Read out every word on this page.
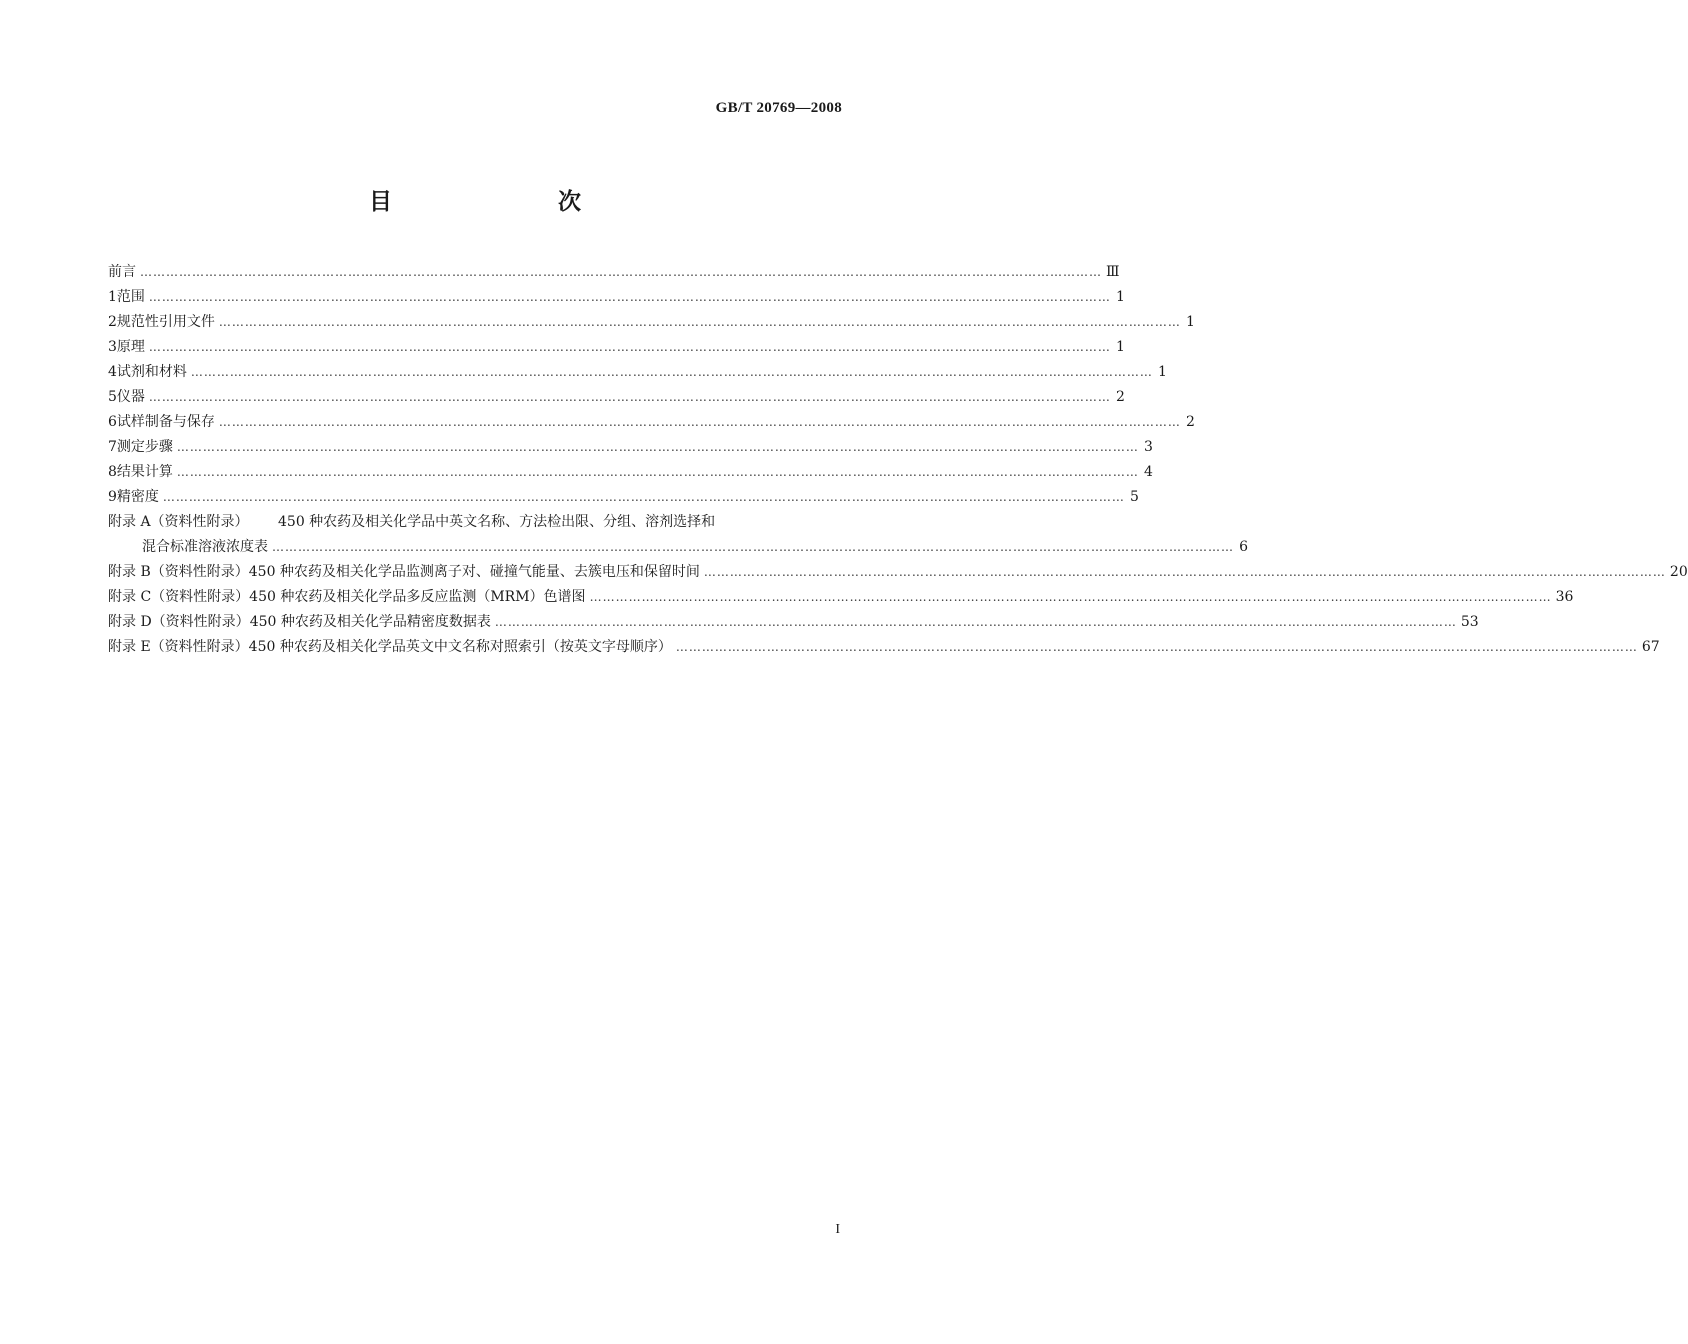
GB/T 20769—2008
目　　次
前言 …………………………………………………………………………………………………………………………………………………………………………………………………… Ⅲ
1 范围 …………………………………………………………………………………………………………………………………………………………………………………………………… 1
2 规范性引用文件 …………………………………………………………………………………………………………………………………………………………………………………………………… 1
3 原理 …………………………………………………………………………………………………………………………………………………………………………………………………… 1
4 试剂和材料 …………………………………………………………………………………………………………………………………………………………………………………………………… 1
5 仪器 …………………………………………………………………………………………………………………………………………………………………………………………………… 2
6 试样制备与保存 …………………………………………………………………………………………………………………………………………………………………………………………………… 2
7 测定步骤 …………………………………………………………………………………………………………………………………………………………………………………………………… 3
8 结果计算 …………………………………………………………………………………………………………………………………………………………………………………………………… 4
9 精密度 …………………………………………………………………………………………………………………………………………………………………………………………………… 5
附录 A（资料性附录）	450 种农药及相关化学品中英文名称、方法检出限、分组、溶剂选择和
混合标准溶液浓度表 …………………………………………………………………………………………………………………………………………………………………………………………………… 6
附录 B（资料性附录） 450 种农药及相关化学品监测离子对、碰撞气能量、去簇电压和保留时间 …………………………………………………………………………………………………………………………………………………………………………………………………… 20
附录 C（资料性附录） 450 种农药及相关化学品多反应监测（MRM）色谱图 …………………………………………………………………………………………………………………………………………………………………………………………………… 36
附录 D（资料性附录） 450 种农药及相关化学品精密度数据表 …………………………………………………………………………………………………………………………………………………………………………………………………… 53
附录 E（资料性附录） 450 种农药及相关化学品英文中文名称对照索引（按英文字母顺序） …………………………………………………………………………………………………………………………………………………………………………………………………… 67
I
